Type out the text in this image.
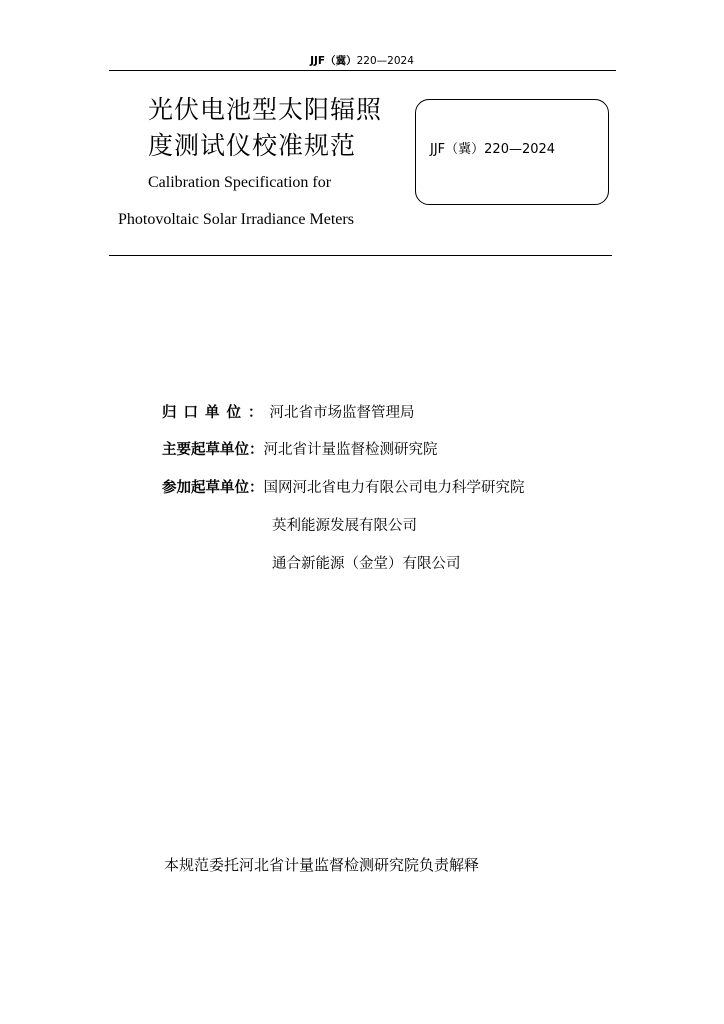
JJF（冀）220—2024
光伏电池型太阳辐照
度测试仪校准规范
Calibration Specification for
Photovoltaic Solar Irradiance Meters
JJF（冀）220—2024
归口单位：河北省市场监督管理局
主要起草单位：河北省计量监督检测研究院
参加起草单位：国网河北省电力有限公司电力科学研究院
英利能源发展有限公司
通合新能源（金堂）有限公司
本规范委托河北省计量监督检测研究院负责解释
